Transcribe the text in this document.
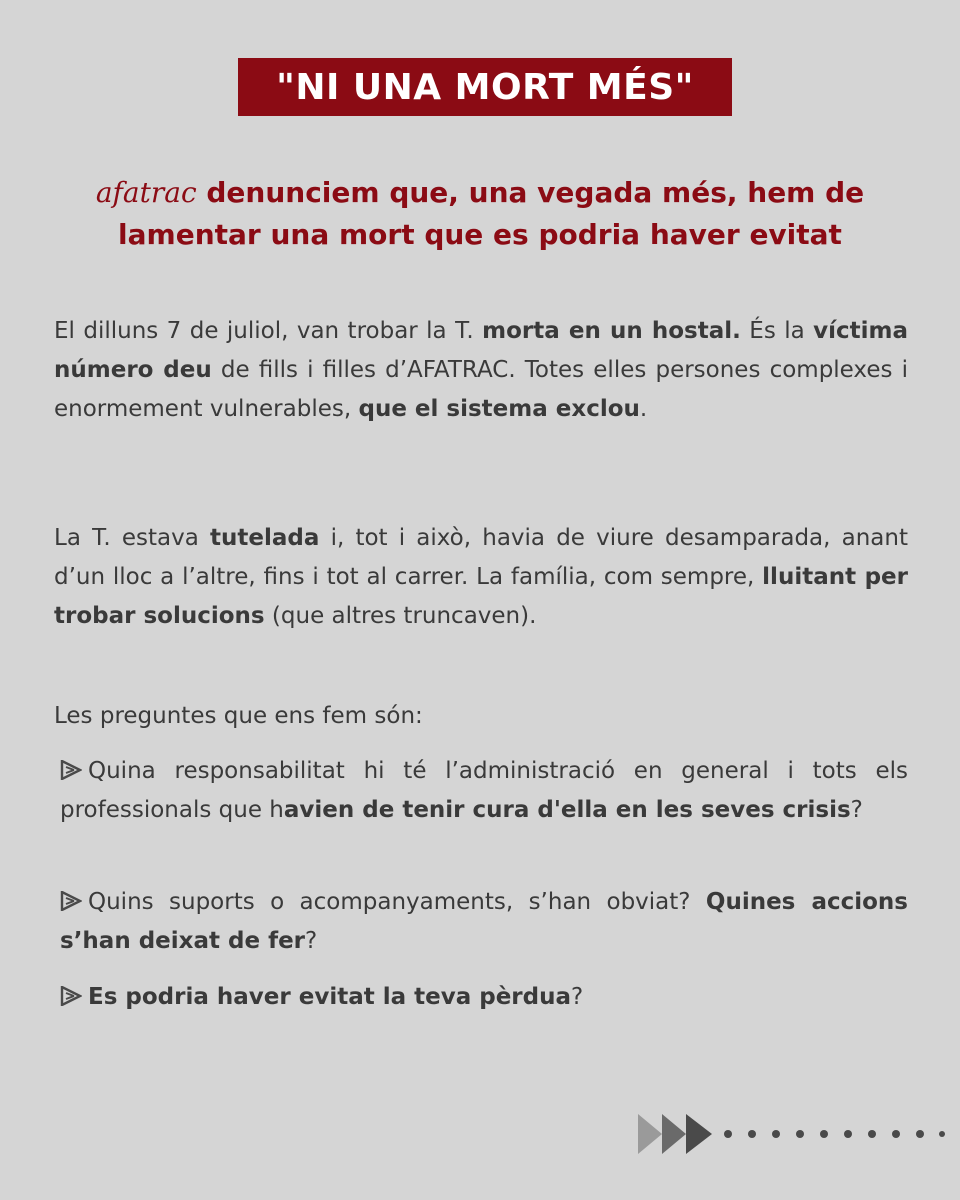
"NI UNA MORT MÉS"
afatrac denunciem que, una vegada més, hem de
lamentar una mort que es podria haver evitat
El dilluns 7 de juliol, van trobar la T. morta en un hostal. És la víctima número deu de fills i filles d’AFATRAC. Totes elles persones complexes i enormement vulnerables, que el sistema exclou.
La T. estava tutelada i, tot i això, havia de viure desamparada, anant d’un lloc a l’altre, fins i tot al carrer. La família, com sempre, lluitant per trobar solucions (que altres truncaven).
Les preguntes que ens fem són:
Quina responsabilitat hi té l’administració en general i tots els professionals que havien de tenir cura d'ella en les seves crisis?
Quins suports o acompanyaments, s’han obviat? Quines accions s’han deixat de fer?
Es podria haver evitat la teva pèrdua?
